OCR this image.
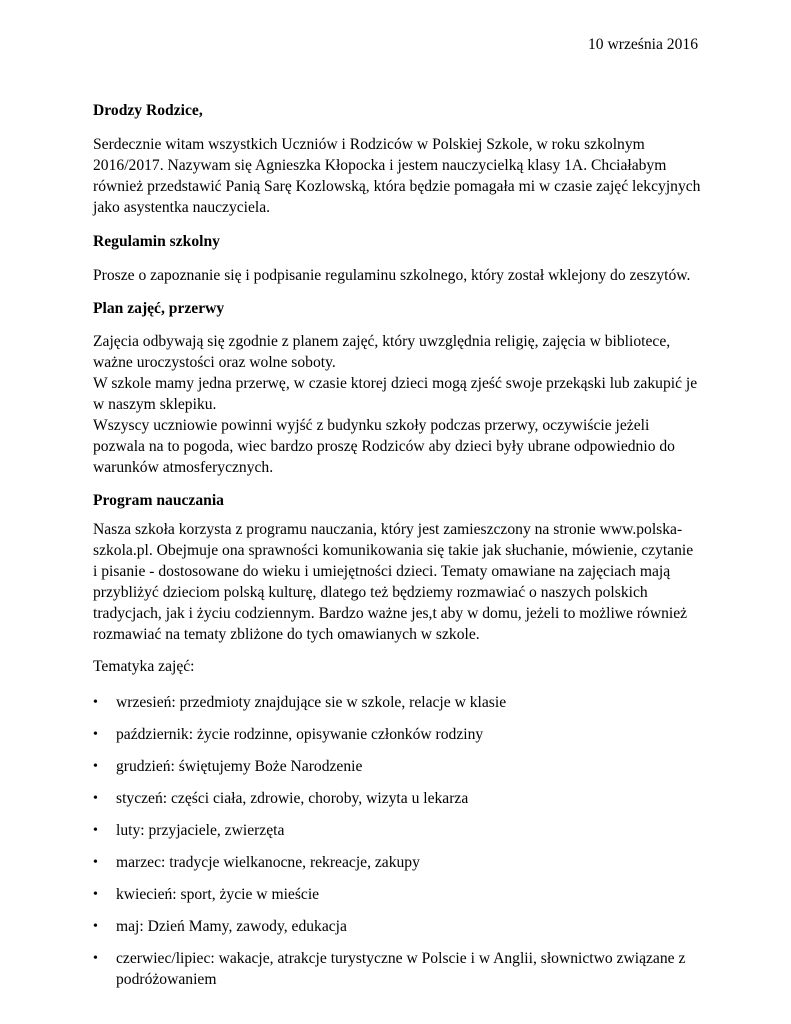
10 września 2016
Drodzy Rodzice,

Serdecznie witam wszystkich Uczniów i Rodziców w Polskiej Szkole, w roku szkolnym
2016/2017. Nazywam się Agnieszka Kłopocka i jestem nauczycielką klasy 1A. Chciałabym
również przedstawić Panią Sarę Kozlowską, która będzie pomagała mi w czasie zajęć lekcyjnych
jako asystentka nauczyciela.

Regulamin szkolny

Prosze o zapoznanie się i podpisanie regulaminu szkolnego, który został wklejony do zeszytów.

Plan zajęć, przerwy

Zajęcia odbywają się zgodnie z planem zajęć, który uwzględnia religię, zajęcia w bibliotece,
ważne uroczystości oraz wolne soboty.
W szkole mamy jedna przerwę, w czasie ktorej dzieci mogą zjeść swoje przekąski lub zakupić je
w naszym sklepiku.
Wszyscy uczniowie powinni wyjść z budynku szkoły podczas przerwy, oczywiście jeżeli
pozwala na to pogoda, wiec bardzo proszę Rodziców aby dzieci były ubrane odpowiednio do
warunków atmosferycznych.

Program nauczania

Nasza szkoła korzysta z programu nauczania, który jest zamieszczony na stronie www.polska-
szkola.pl. Obejmuje ona sprawności komunikowania się takie jak słuchanie, mówienie, czytanie
i pisanie - dostosowane do wieku i umiejętności dzieci. Tematy omawiane na zajęciach mają
przybliżyć dzieciom polską kulturę, dlatego też będziemy rozmawiać o naszych polskich
tradycjach, jak i życiu codziennym. Bardzo ważne jes,t aby w domu, jeżeli to możliwe również
rozmawiać na tematy zbliżone do tych omawianych w szkole.

Tematyka zajęć:
• wrzesień: przedmioty znajdujące sie w szkole, relacje w klasie
• październik: życie rodzinne, opisywanie członków rodziny
• grudzień: świętujemy Boże Narodzenie
• styczeń: części ciała, zdrowie, choroby, wizyta u lekarza
• luty: przyjaciele, zwierzęta
• marzec: tradycje wielkanocne, rekreacje, zakupy
• kwiecień: sport, życie w mieście
• maj: Dzień Mamy, zawody, edukacja
• czerwiec/lipiec: wakacje, atrakcje turystyczne w Polscie i w Anglii, słownictwo związane z
podróżowaniem
